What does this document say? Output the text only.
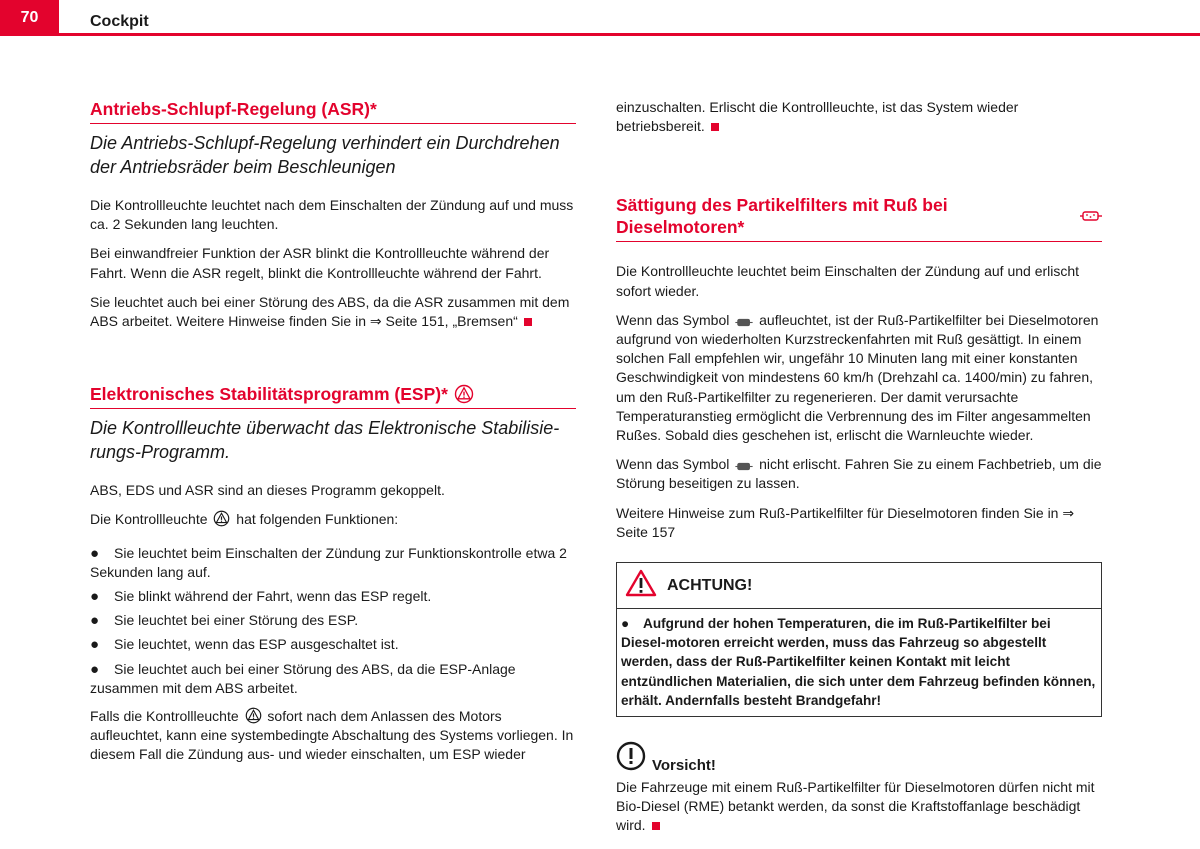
70	Cockpit
Antriebs-Schlupf-Regelung (ASR)*
Die Antriebs-Schlupf-Regelung verhindert ein Durchdrehen der Antriebsräder beim Beschleunigen

Die Kontrollleuchte leuchtet nach dem Einschalten der Zündung auf und muss ca. 2 Sekunden lang leuchten.

Bei einwandfreier Funktion der ASR blinkt die Kontrollleuchte während der Fahrt. Wenn die ASR regelt, blinkt die Kontrollleuchte während der Fahrt.

Sie leuchtet auch bei einer Störung des ABS, da die ASR zusammen mit dem ABS arbeitet. Weitere Hinweise finden Sie in ⇒ Seite 151, „Bremsen“

Elektronisches Stabilitätsprogramm (ESP)*
Die Kontrollleuchte überwacht das Elektronische Stabilisie-rungs-Programm.

ABS, EDS und ASR sind an dieses Programm gekoppelt.

Die Kontrollleuchte hat folgenden Funktionen:

● Sie leuchtet beim Einschalten der Zündung zur Funktionskontrolle etwa 2 Sekunden lang auf.
● Sie blinkt während der Fahrt, wenn das ESP regelt.
● Sie leuchtet bei einer Störung des ESP.
● Sie leuchtet, wenn das ESP ausgeschaltet ist.
● Sie leuchtet auch bei einer Störung des ABS, da die ESP-Anlage zusammen mit dem ABS arbeitet.

Falls die Kontrollleuchte sofort nach dem Anlassen des Motors aufleuchtet, kann eine systembedingte Abschaltung des Systems vorliegen. In diesem Fall die Zündung aus- und wieder einschalten, um ESP wieder

einzuschalten. Erlischt die Kontrollleuchte, ist das System wieder betriebsbereit.

Sättigung des Partikelfilters mit Ruß bei Dieselmotoren*

Die Kontrollleuchte leuchtet beim Einschalten der Zündung auf und erlischt sofort wieder.

Wenn das Symbol aufleuchtet, ist der Ruß-Partikelfilter bei Dieselmotoren aufgrund von wiederholten Kurzstreckenfahrten mit Ruß gesättigt. In einem solchen Fall empfehlen wir, ungefähr 10 Minuten lang mit einer konstanten Geschwindigkeit von mindestens 60 km/h (Drehzahl ca. 1400/min) zu fahren, um den Ruß-Partikelfilter zu regenerieren. Der damit verursachte Temperaturanstieg ermöglicht die Verbrennung des im Filter angesammelten Rußes. Sobald dies geschehen ist, erlischt die Warnleuchte wieder.

Wenn das Symbol nicht erlischt. Fahren Sie zu einem Fachbetrieb, um die Störung beseitigen zu lassen.

Weitere Hinweise zum Ruß-Partikelfilter für Dieselmotoren finden Sie in ⇒ Seite 157

ACHTUNG!
● Aufgrund der hohen Temperaturen, die im Ruß-Partikelfilter bei Diesel-motoren erreicht werden, muss das Fahrzeug so abgestellt werden, dass der Ruß-Partikelfilter keinen Kontakt mit leicht entzündlichen Materialien, die sich unter dem Fahrzeug befinden können, erhält. Andernfalls besteht Brandgefahr!
Vorsicht!

Die Fahrzeuge mit einem Ruß-Partikelfilter für Dieselmotoren dürfen nicht mit Bio-Diesel (RME) betankt werden, da sonst die Kraftstoffanlage beschädigt wird.
